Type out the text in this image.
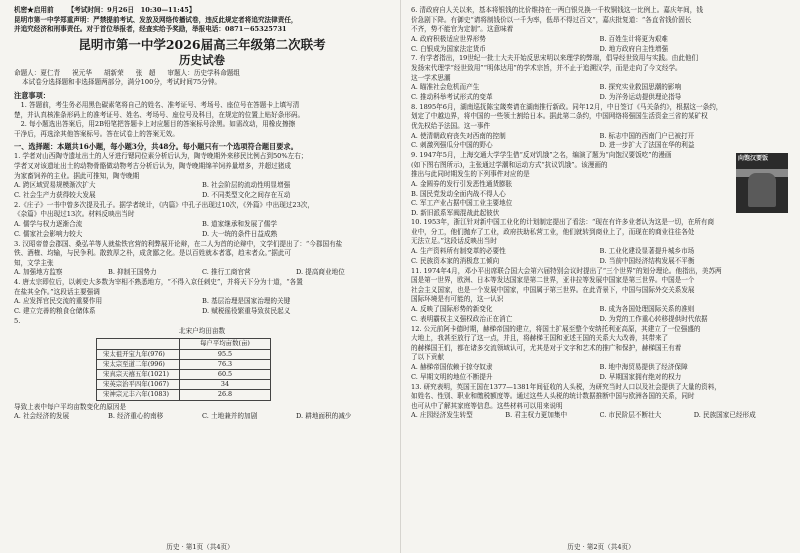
机密★启用前 【考试时间：9月26日　10:30—11:45】
昆明市第一中学郑重声明：严禁提前考试、发放及网络传播试卷，违反此规定者将追究法律责任，
并追究经济和刑事责任。对于首位举报者，经查实给予奖励，举报电话：0871－65325731
昆明市第一中学2026届高三年级第二次联考
历史试卷
命题人：夏仁青 祝元华 胡新荣 张　超 审题人：历史学科命题组
本试卷分选择题和非选择题两部分，满分100分，考试时间75分钟。
注意事项：
　1. 答题前，考生务必用黑色碳素笔将自己的姓名、准考证号、考场号、座位号在答题卡上填写清
楚，并认真核准条形码上的准考证号、姓名、考场号、座位号及科目，在规定的位置上贴好条形码。
　2. 每小题选出答案后，用2B铅笔把答题卡上对应题目的答案标号涂黑。如需改动，用橡皮擦擦
干净后，再选涂其他答案标号。答在试卷上的答案无效。
一、选择题：本题共16小题，每小题3分，共48分。每小题只有一个选项符合题目要求。
1. 学者对山西陶寺遗址出土的人牙进行锶同位素分析后认为，陶寺晚期外来移民比例占到50%左右；
学者又对该遗址出土的动物骨骼做动物考古分析后认为，陶寺晚期绵羊饲养量增多，并超过猪成
为家畜饲养的主业。据此可推知，陶寺晚期
A. 跨区域贸易规模渐次扩大	B. 社会阶层的流动性明显增强
C. 社会生产力获得较大发展	D. 不同类型文化之间存在互动
2.《庄子》一书中曾多次提及孔子。据学者统计，《内篇》中孔子出现过10次，《外篇》中出现过23次，
《杂篇》中出现过13次。材料反映出当时
A. 儒学与权力逐渐合流	B. 道家继承和发展了儒学
C. 儒家社会影响力较大	D. 大一统的条件日益成熟
3. 汉昭帝曾会郡国、桑弘羊等人就盐铁官营的利弊展开论辩，在二人为首的论辩中，文学们提出了：“今郡国有盐
铁、酒榷、均输，与民争利。散敦厚之朴，成贪鄙之化。是以百姓就本者寡，趋末者众。”据此可
知，文学主张
A. 加强地方监察	B. 抑制王国势力	C. 推行工商官营	D. 提高商业地位
4. 唐太宗即位后，以刺史大多数为宰相不熟悉地方，“不得入京任刺史”，并将天下分为十道，“各置
在盐其全作。”这段话主要强调
A. 应发挥官民交流的重要作用	B. 基层治理是国家治理的关键
C. 建立完善的粮食仓储体系	D. 赋税徭役繁重导致贫民起义
5.
北宋户均田亩数
	每户平均亩数(亩)
宋太祖开宝九年(976)	95.5
宋太宗至道二年(996)	76.3
宋真宗天禧五年(1021)	60.5
宋英宗治平四年(1067)	34
宋神宗元丰六年(1083)	26.8
导致上表中每户平均亩数变化的原因是
A. 社会经济的发展	B. 经济重心的南移	C. 土地兼并的加剧	D. 耕地面积的减少
历史 · 第1页（共4页）
6. 清政府自人关以来，基本将银钱的比价维持在一两白银兑换一千枚铜钱这一比例上。嘉庆年间，钱
价急剧下降。有御史“请将制钱价以一千为率，低昂不得过百文”，嘉庆批复道：“各直省钱价固长
不齐，势不能官为定制”。这意味着
A. 政府积极适应世界形势	B. 百姓生计将更为艰难
C. 白银成为国家法定货币	D. 地方政府自主性增强
7. 有学者指出，19世纪一批士大夫开始反思宋明以来理学的弊端，倡导经世致用与实践。由此他们
发扬宋代理学“经世致用”“明体达用”的学术宗旨，并不止于追溯汉学，而是走向了今文经学。
这一学术思潮
A. 瞄准社会危机而产生	B. 探究实业救国思潮的影响
C. 推动科举考试形式的变革	D. 为洋务运动提供理论指导
8. 1895年6月，湖南巡抚陈宝箴奏请在湖南推行新政。同年12月，中日签订《马关条约》，根据这一条约，
划定了中越边界，将中国的一些领土割给日本。据此第二条约，中国网络将强国生活资金三省的某矿权
优先权给予法国。这一事件
A. 使清朝政府丧失对西南的控制	B. 标志中国的西南门户已被打开
C. 刺激列强瓜分中国的野心	D. 进一步扩大了法国在华的利益
9. 1947年5月，上海交通大学学生借“反对饥饿”之名，编演了题为“向饱汉要饭吃”的漫画
(如下图右图所示)，主张通过学潮和运动方式“抗议饥饿”。该漫画的
推出与此同时期发生的下列事件对应的是
A. 金圆券的发行引发恶性通货膨胀
B. 国民党发动全面内战不得人心
C. 军工产业占据中国工业主要地位
D. 新旧派系军阀混战此起彼伏
向饱汉要饭
10. 1953年，浙江针对新中国工业化的计划制定提出了看法：“现在有许多业者认为这是一切，在所有商
业中，分工，他们抛弃了工业，政府扶助私营工业，他们就转到商业上了，而现在的商业往往各处
无法立足。”这段话反映出当时
A. 生产资料所有制变革的必要性	B. 工业化建设显著提升城乡市场
C. 民族资本家的消极怠工倾向	D. 当前中国经济结构发展不平衡
11. 1974年4月，邓小平出席联合国大会第六届特别会议时提出了“三个世界”的划分理论。他指出，美苏两
国是第一世界，欧洲、日本等发达国家是第二世界，亚非拉等发展中国家是第三世界。中国是一个
社会主义国家，也是一个发展中国家，中国属于第三世界。在此背景下，中国与国际外交关系发展
国际环境是有可能的，这一认识
A. 反映了国际形势的新变化	B. 成为各国处理国际关系的准则
C. 表明霸权主义强权政治正在消亡	D. 为党的工作重心转移提供时代依据
12. 公元前阿卡德时期，赫梯帝国的建立，将国土扩展至整个安纳托利亚高原，其建立了一位强盛的
大地上，我甚至放行了这一点，并且，将赫梯王国和亚述王国的关系大大改善，其带来了
的赫梯国王们，都在诸多交流领域认可，尤其是对于文字和艺术的推广和保护，赫梯国王有着
了以下贡献
A. 赫梯帝国依赖于掠夺奴隶	B. 地中海贸易提供了经济保障
C. 早期文明的地位不断提升	D. 早期国家拥有绝对的权力
13. 研究表明，英国王国在1377—1381年间征收的人头税，为研究当时人口以及社会提供了大量的资料，
如姓名、性别、职业和缴税额度等。通过这些人头税的统计数据推断中国与欧洲各国的关系，同时
也可从中了解其家庭等信息。这些材料可以用来说明
A. 庄园经济发生转型	B. 君主权力更加集中	C. 市民阶层不断壮大	D. 民族国家已经形成
历史 · 第2页（共4页）
